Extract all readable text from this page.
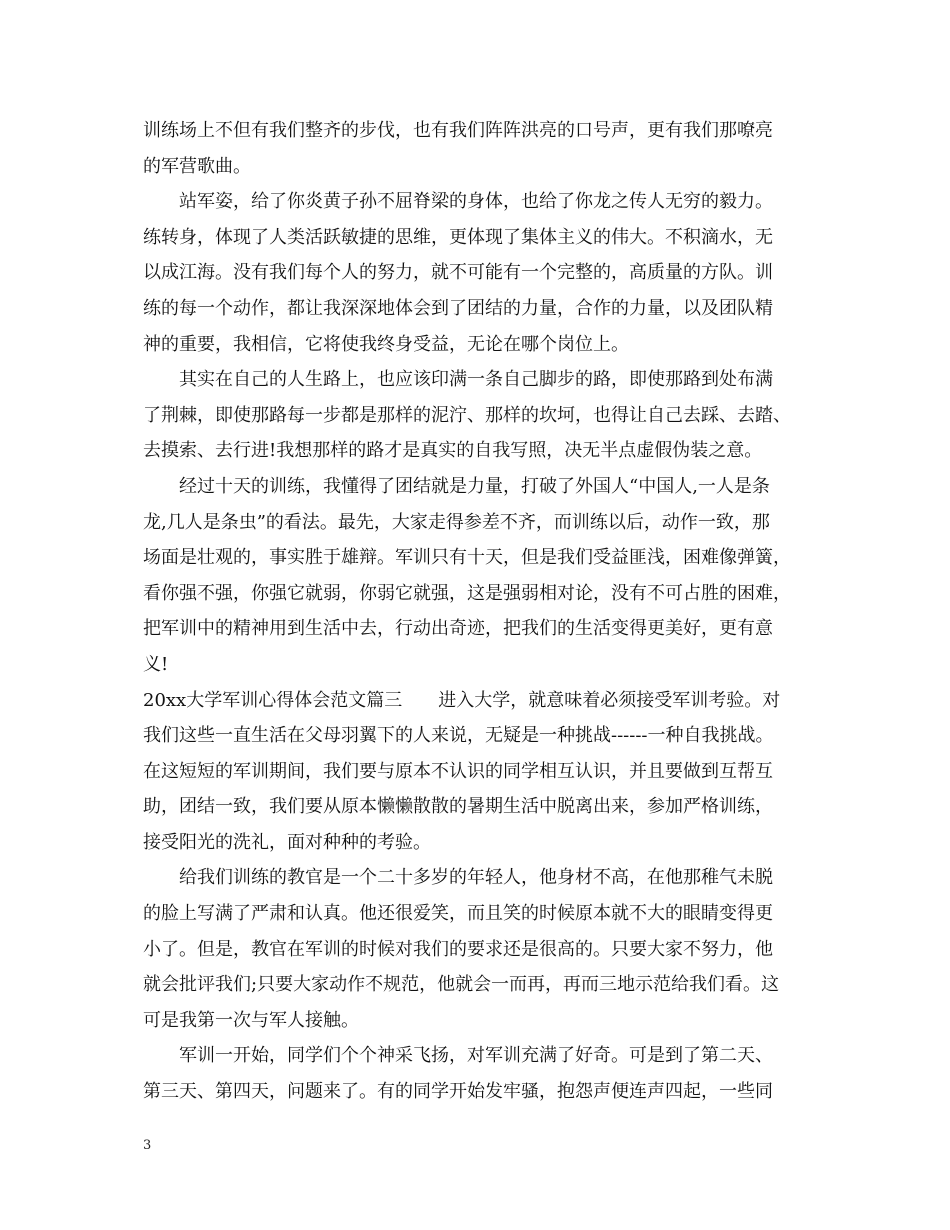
训练场上不但有我们整齐的步伐，也有我们阵阵洪亮的口号声，更有我们那嘹亮
的军营歌曲。
站军姿，给了你炎黄子孙不屈脊梁的身体，也给了你龙之传人无穷的毅力。
练转身，体现了人类活跃敏捷的思维，更体现了集体主义的伟大。不积滴水，无
以成江海。没有我们每个人的努力，就不可能有一个完整的，高质量的方队。训
练的每一个动作，都让我深深地体会到了团结的力量，合作的力量，以及团队精
神的重要，我相信，它将使我终身受益，无论在哪个岗位上。
其实在自己的人生路上，也应该印满一条自己脚步的路，即使那路到处布满
了荆棘，即使那路每一步都是那样的泥泞、那样的坎坷，也得让自己去踩、去踏、
去摸索、去行进!我想那样的路才是真实的自我写照，决无半点虚假伪装之意。
经过十天的训练，我懂得了团结就是力量，打破了外国人“中国人,一人是条
龙,几人是条虫”的看法。最先，大家走得参差不齐，而训练以后，动作一致，那
场面是壮观的，事实胜于雄辩。军训只有十天，但是我们受益匪浅，困难像弹簧，
看你强不强，你强它就弱，你弱它就强，这是强弱相对论，没有不可占胜的困难，
把军训中的精神用到生活中去，行动出奇迹，把我们的生活变得更美好，更有意
义!
20xx大学军训心得体会范文篇三 进入大学，就意味着必须接受军训考验。对
我们这些一直生活在父母羽翼下的人来说，无疑是一种挑战------一种自我挑战。
在这短短的军训期间，我们要与原本不认识的同学相互认识，并且要做到互帮互
助，团结一致，我们要从原本懒懒散散的暑期生活中脱离出来，参加严格训练，
接受阳光的洗礼，面对种种的考验。
给我们训练的教官是一个二十多岁的年轻人，他身材不高，在他那稚气未脱
的脸上写满了严肃和认真。他还很爱笑，而且笑的时候原本就不大的眼睛变得更
小了。但是，教官在军训的时候对我们的要求还是很高的。只要大家不努力，他
就会批评我们;只要大家动作不规范，他就会一而再，再而三地示范给我们看。这
可是我第一次与军人接触。
军训一开始，同学们个个神采飞扬，对军训充满了好奇。可是到了第二天、
第三天、第四天，问题来了。有的同学开始发牢骚，抱怨声便连声四起，一些同
3
